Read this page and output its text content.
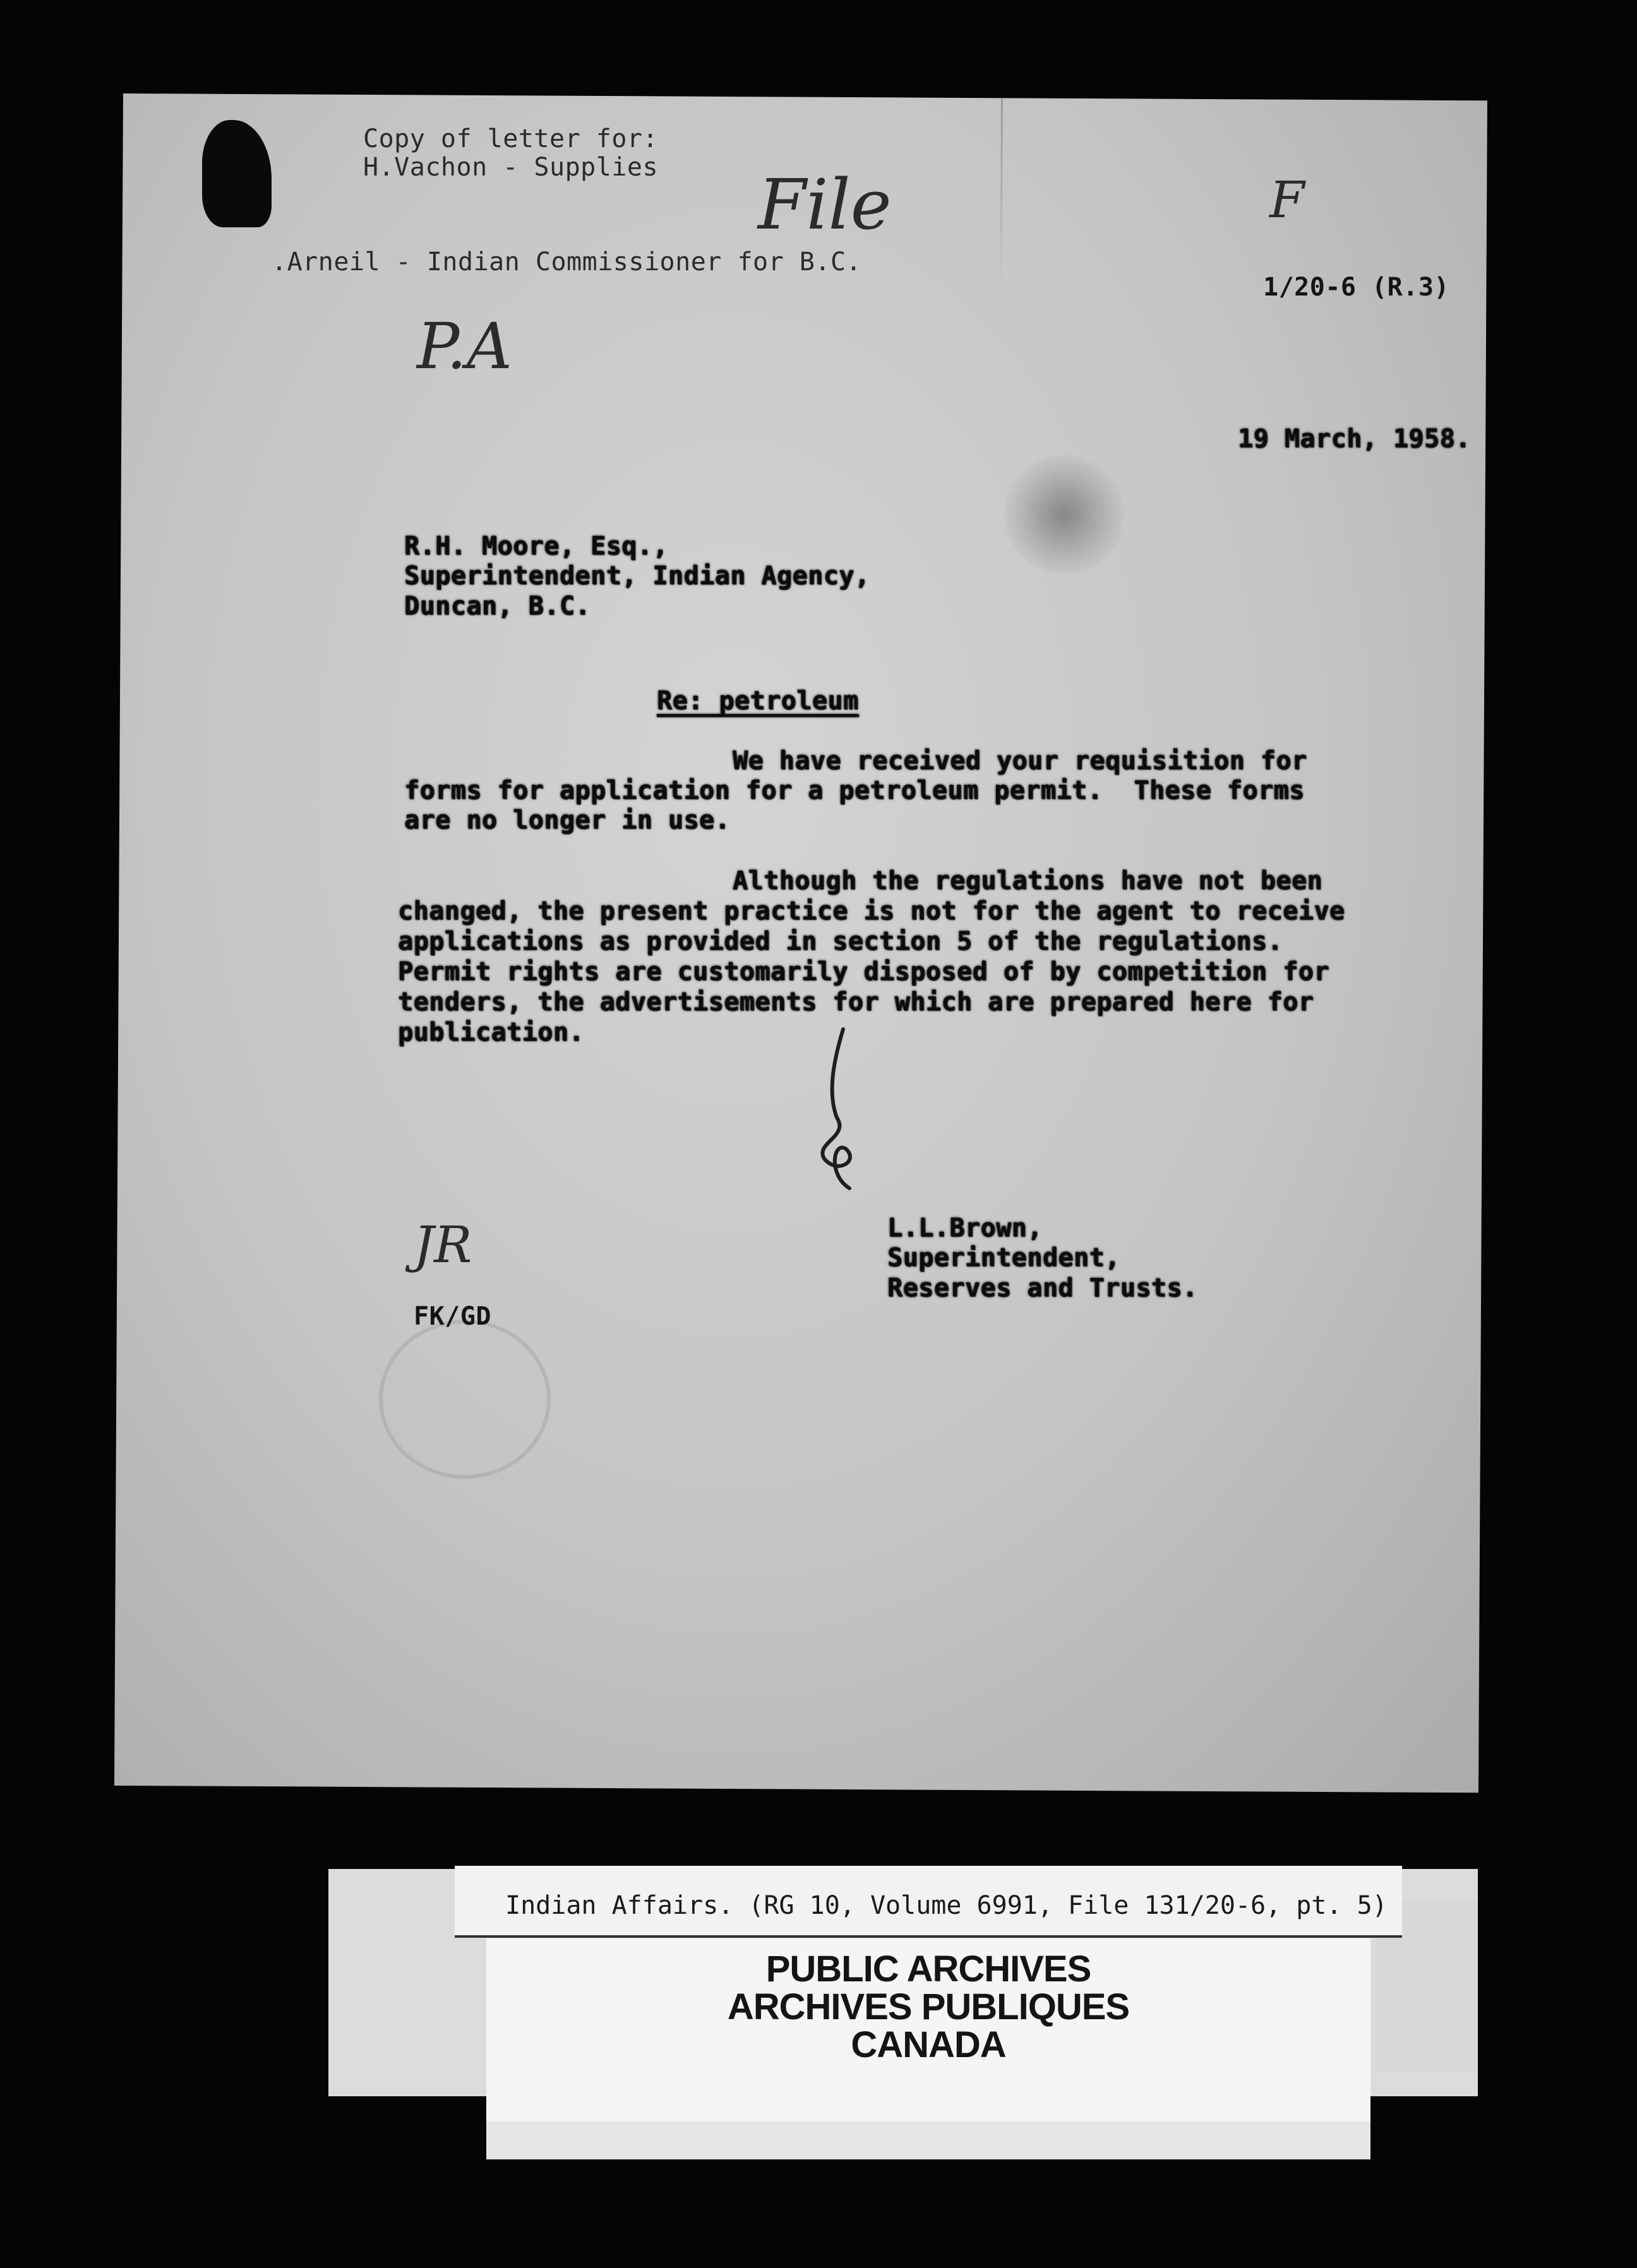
Copy of letter for:
H.Vachon - Supplies
.Arneil - Indian Commissioner for B.C.
File	F
P.A
1/20-6 (R.3)
19 March, 1958.
R.H. Moore, Esq.,
Superintendent, Indian Agency,
Duncan, B.C.
Re: petroleum
We have received your requisition for
forms for application for a petroleum permit.  These forms
are no longer in use.
Although the regulations have not been
changed, the present practice is not for the agent to receive
applications as provided in section 5 of the regulations.
Permit rights are customarily disposed of by competition for
tenders, the advertisements for which are prepared here for
publication.
L.L.Brown,
Superintendent,
Reserves and Trusts.
JR
FK/GD
Indian Affairs. (RG 10, Volume 6991, File 131/20-6, pt. 5)
PUBLIC ARCHIVES
ARCHIVES PUBLIQUES
CANADA
